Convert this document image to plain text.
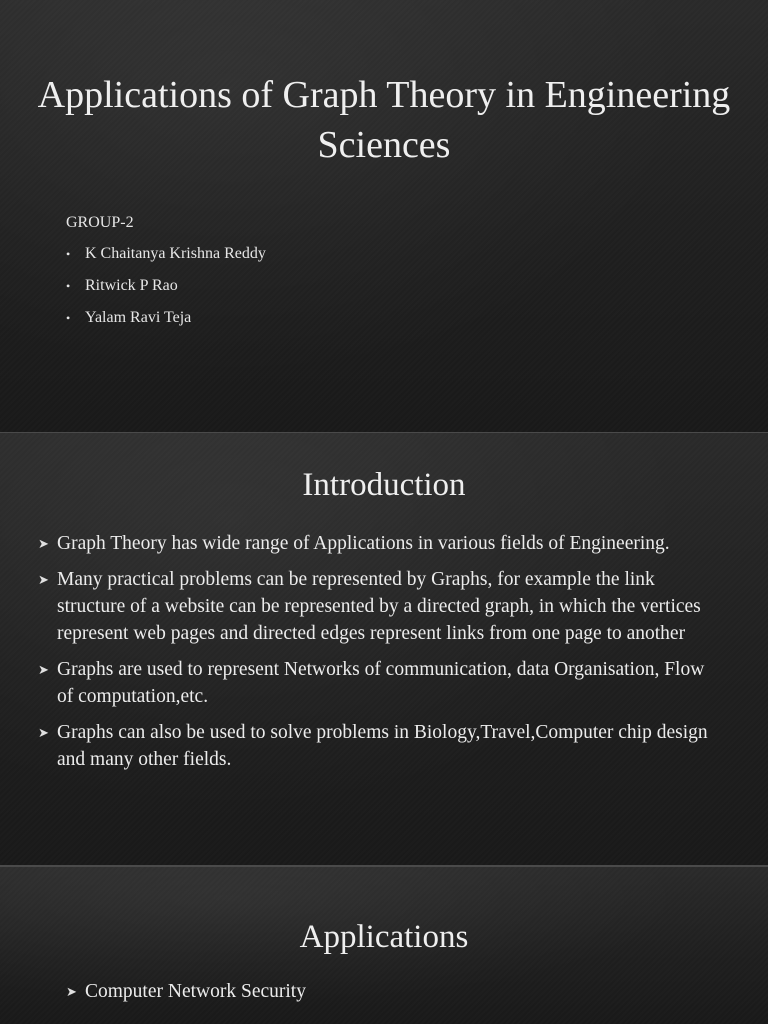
Applications of Graph Theory in Engineering Sciences
GROUP-2
• K Chaitanya Krishna Reddy
• Ritwick P Rao
• Yalam Ravi Teja
Introduction
➤ Graph Theory has wide range of Applications in various fields of Engineering.
➤ Many practical problems can be represented by Graphs, for example the link structure of a website can be represented by a directed graph, in which the vertices represent web pages and directed edges represent links from one page to another
➤ Graphs are used to represent Networks of communication, data Organisation, Flow of computation,etc.
➤ Graphs can also be used to solve problems in Biology,Travel,Computer chip design and many other fields.
Applications
➤ Computer Network Security
